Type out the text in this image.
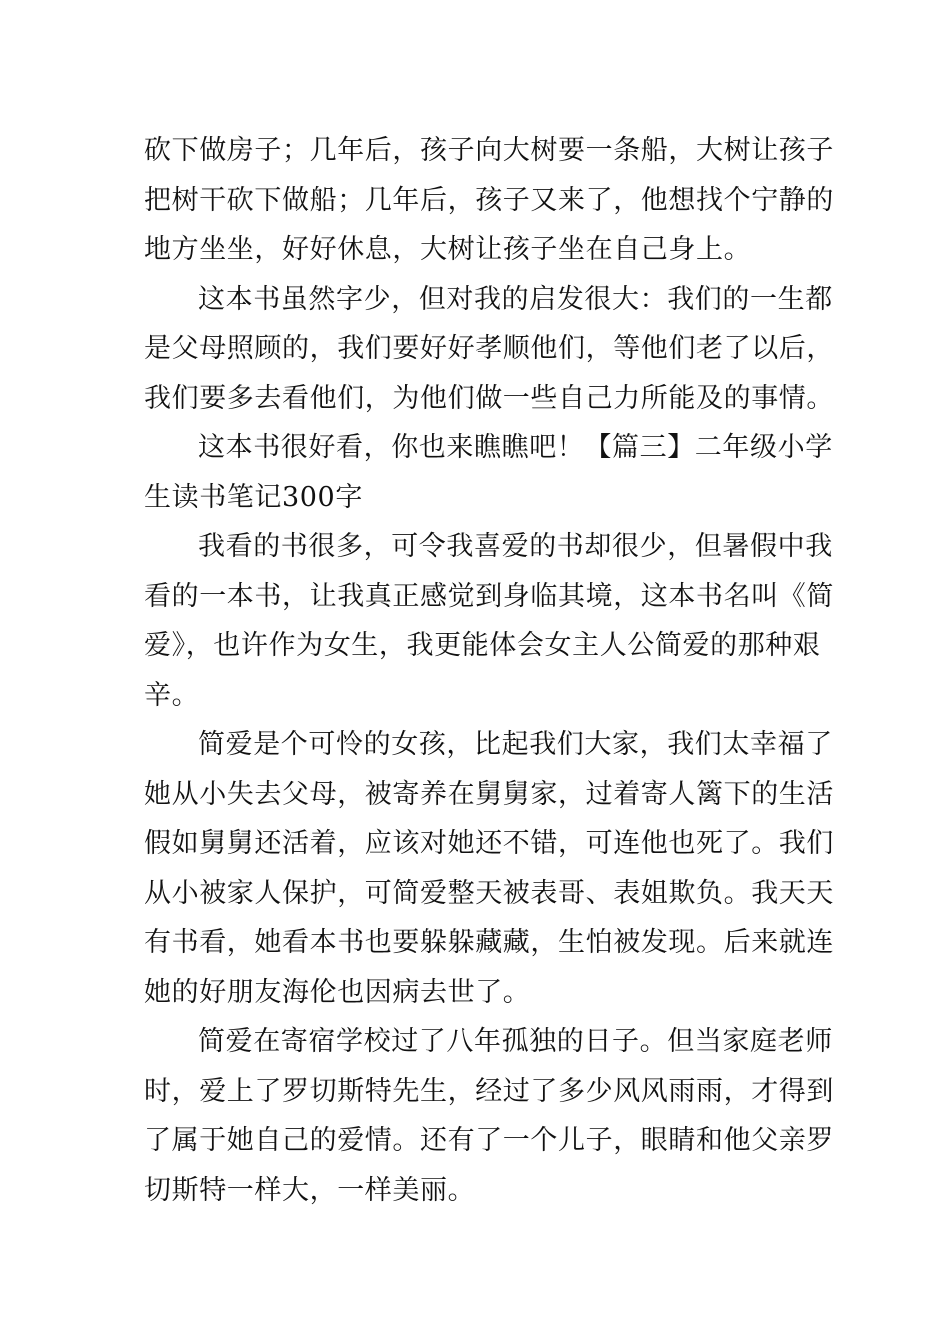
砍下做房子；几年后，孩子向大树要一条船，大树让孩子
把树干砍下做船；几年后，孩子又来了，他想找个宁静的
地方坐坐，好好休息，大树让孩子坐在自己身上。
这本书虽然字少，但对我的启发很大：我们的一生都
是父母照顾的，我们要好好孝顺他们，等他们老了以后，
我们要多去看他们，为他们做一些自己力所能及的事情。
这本书很好看，你也来瞧瞧吧！【篇三】二年级小学
生读书笔记300字
我看的书很多，可令我喜爱的书却很少，但暑假中我
看的一本书，让我真正感觉到身临其境，这本书名叫《简
爱》，也许作为女生，我更能体会女主人公简爱的那种艰
辛。
简爱是个可怜的女孩，比起我们大家，我们太幸福了
她从小失去父母，被寄养在舅舅家，过着寄人篱下的生活
假如舅舅还活着，应该对她还不错，可连他也死了。我们
从小被家人保护，可简爱整天被表哥、表姐欺负。我天天
有书看，她看本书也要躲躲藏藏，生怕被发现。后来就连
她的好朋友海伦也因病去世了。
简爱在寄宿学校过了八年孤独的日子。但当家庭老师
时，爱上了罗切斯特先生，经过了多少风风雨雨，才得到
了属于她自己的爱情。还有了一个儿子，眼睛和他父亲罗
切斯特一样大，一样美丽。
